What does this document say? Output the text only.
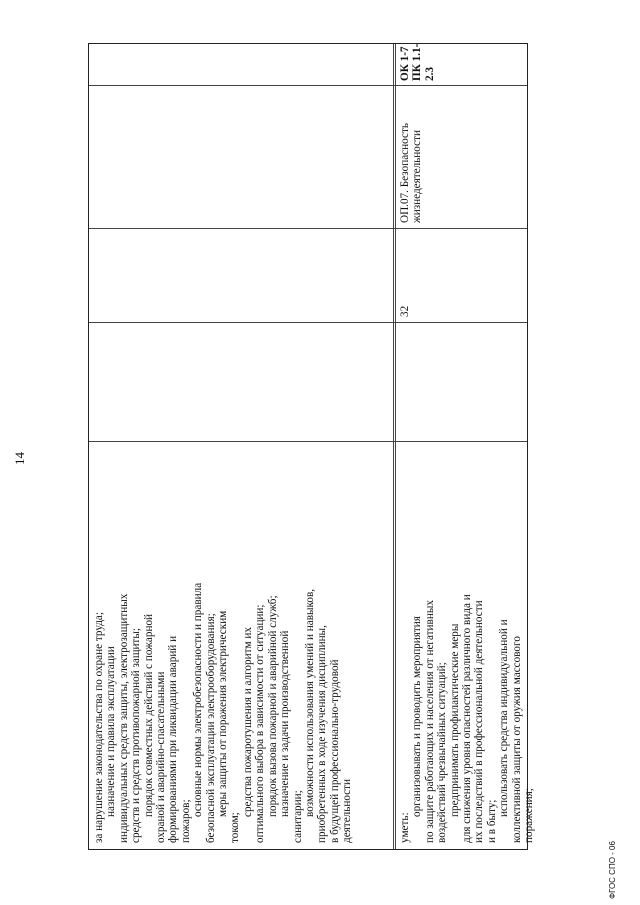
14

за нарушение законодательства по охране труда; назначение и правила эксплуатации индивидуальных средств защиты, электрозащитных средств и средств противопожарной защиты; порядок совместных действий с пожарной охраной и аварийно-спасательными формированиями при ликвидации аварий и пожаров;

основные нормы электробезопасности и правила безопасной эксплуатации электрооборудования; меры защиты от поражения электрическим

током;

средства пожаротушения и алгоритм их оптимального выбора в зависимости от ситуации; порядок вызова пожарной и аварийной служб; назначение и задачи производственной санитарии; возможности использования умений и навыков, приобретенных в ходе изучения дисциплины, в будущей профессионально-трудовой деятельности	уметь:

организовывать и проводить мероприятия по защите работающих и населения от негативных воздействий чрезвычайных ситуаций; предпринимать профилактические меры для снижения уровня опасностей различного вида и их последствий в профессиональной деятельности и в быту;

использовать средства индивидуальной и коллективной защиты от оружия массового поражения;

32

ОП.07. Безопасность жизнедеятельности

ОК 1-7 ПК 1.1-2.3

ФГОС СПО - 06
